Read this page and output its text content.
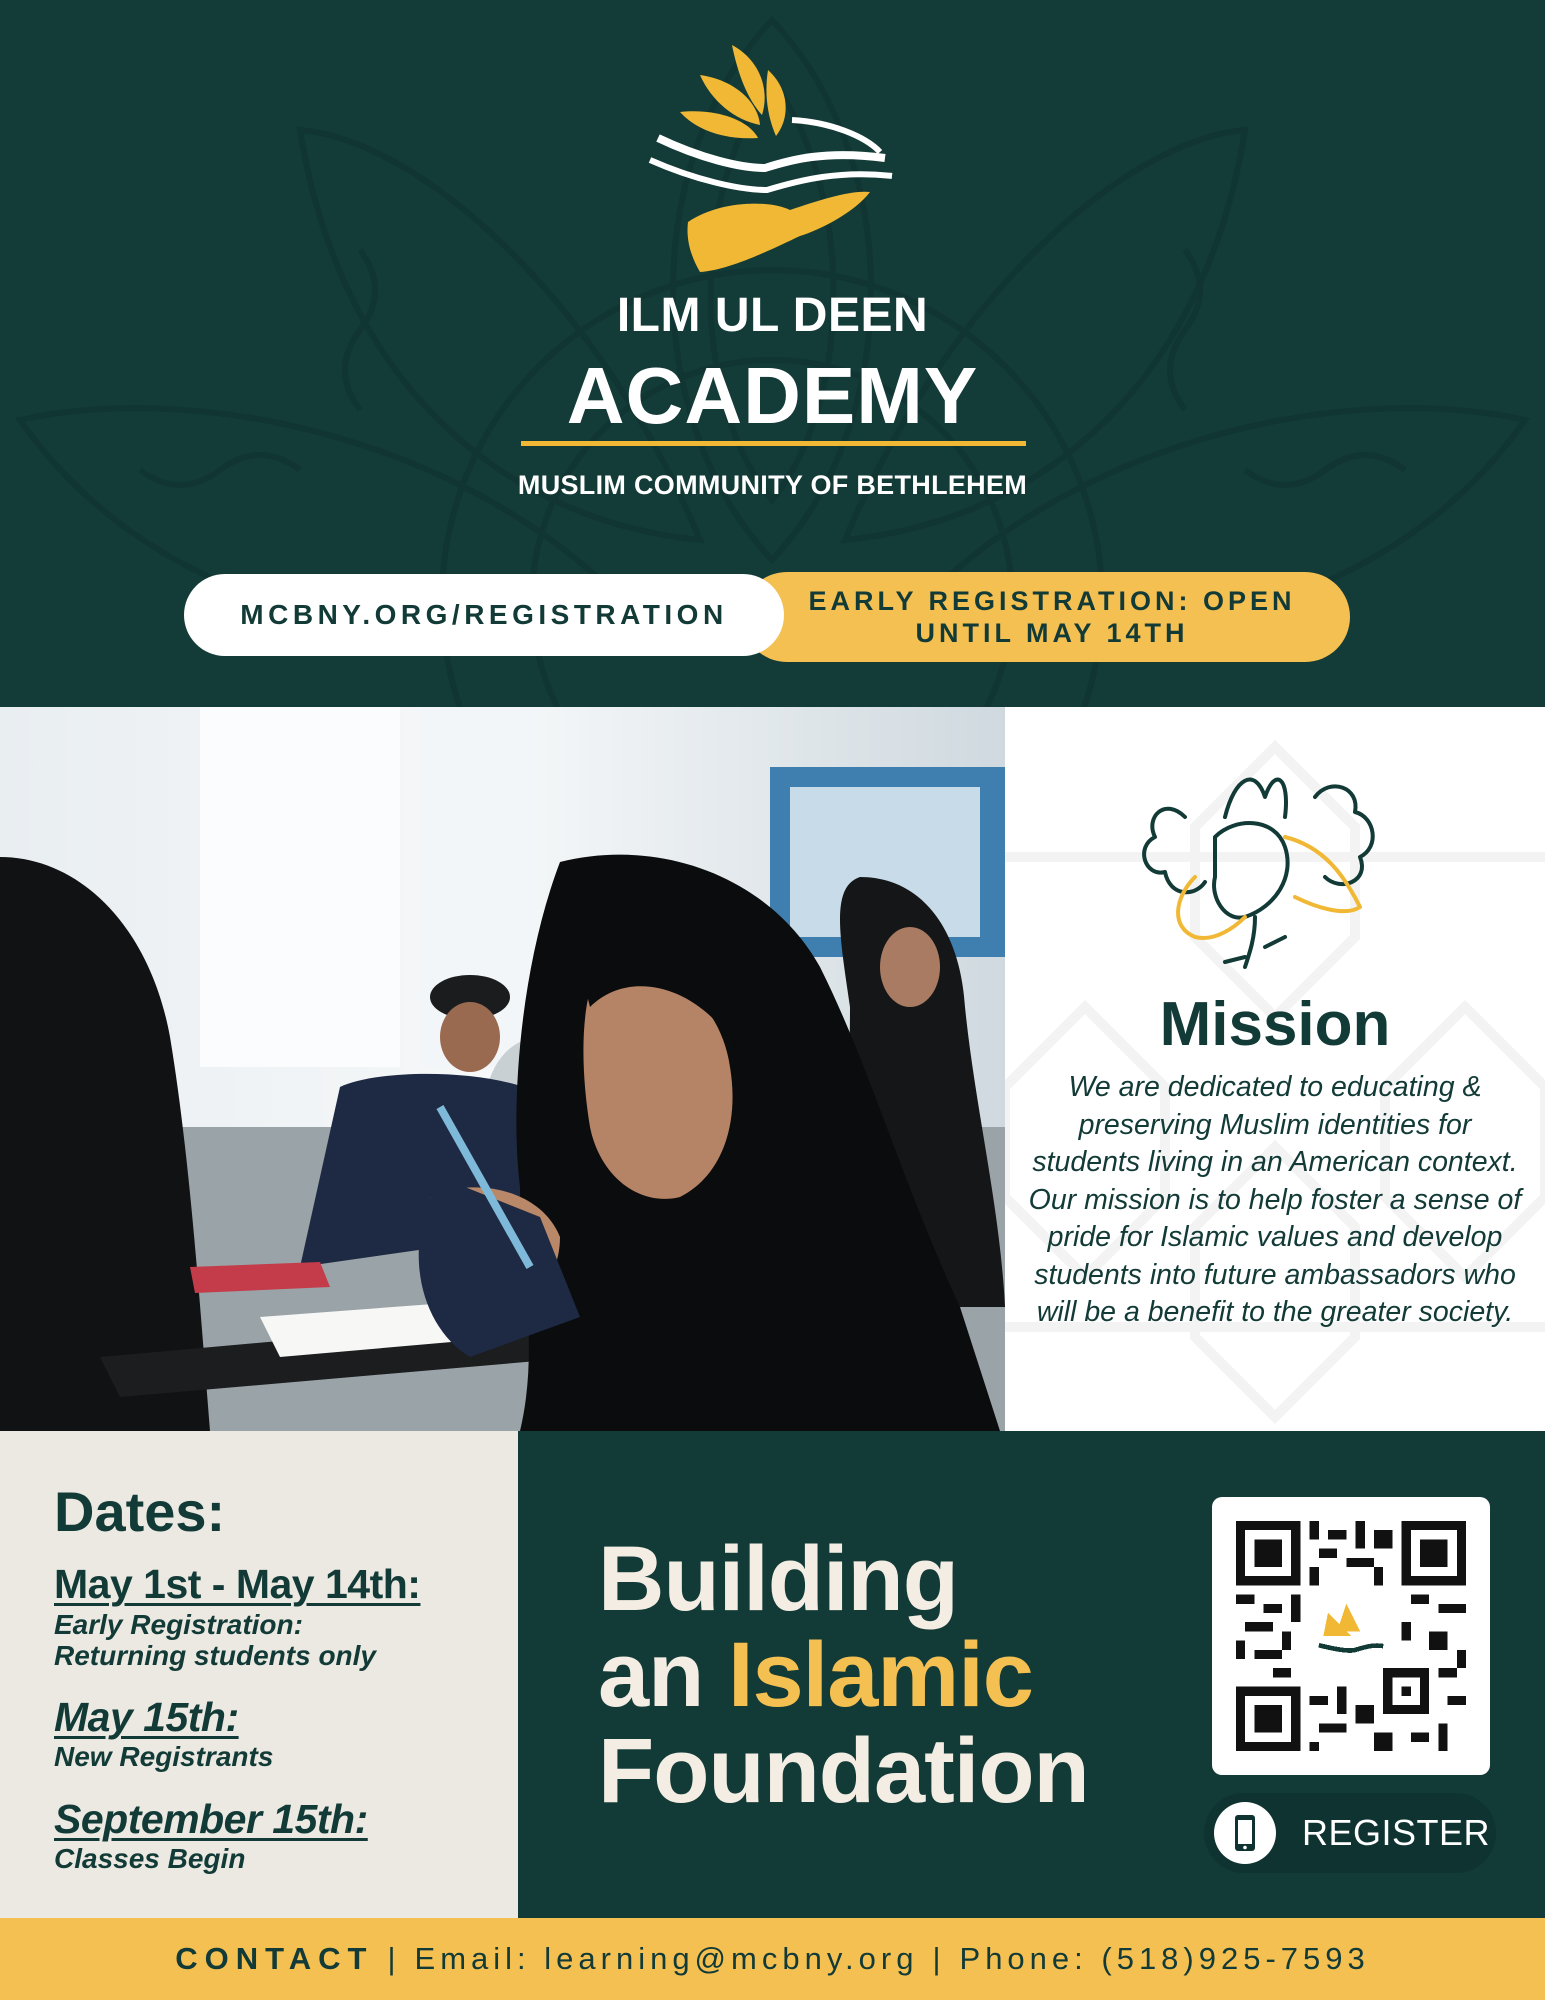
ILM UL DEEN
ACADEMY
MUSLIM COMMUNITY OF BETHLEHEM
EARLY REGISTRATION: OPEN UNTIL MAY 14TH
MCBNY.ORG/REGISTRATION
Mission
We are dedicated to educating & preserving Muslim identities for students living in an American context. Our mission is to help foster a sense of pride for Islamic values and develop students into future ambassadors who will be a benefit to the greater society.
Dates:
May 1st - May 14th:
Early Registration:
Returning students only
May 15th:
New Registrants
September 15th:
Classes Begin
Building
an Islamic
Foundation
REGISTER
CONTACT | Email: learning@mcbny.org | Phone: (518)925-7593
